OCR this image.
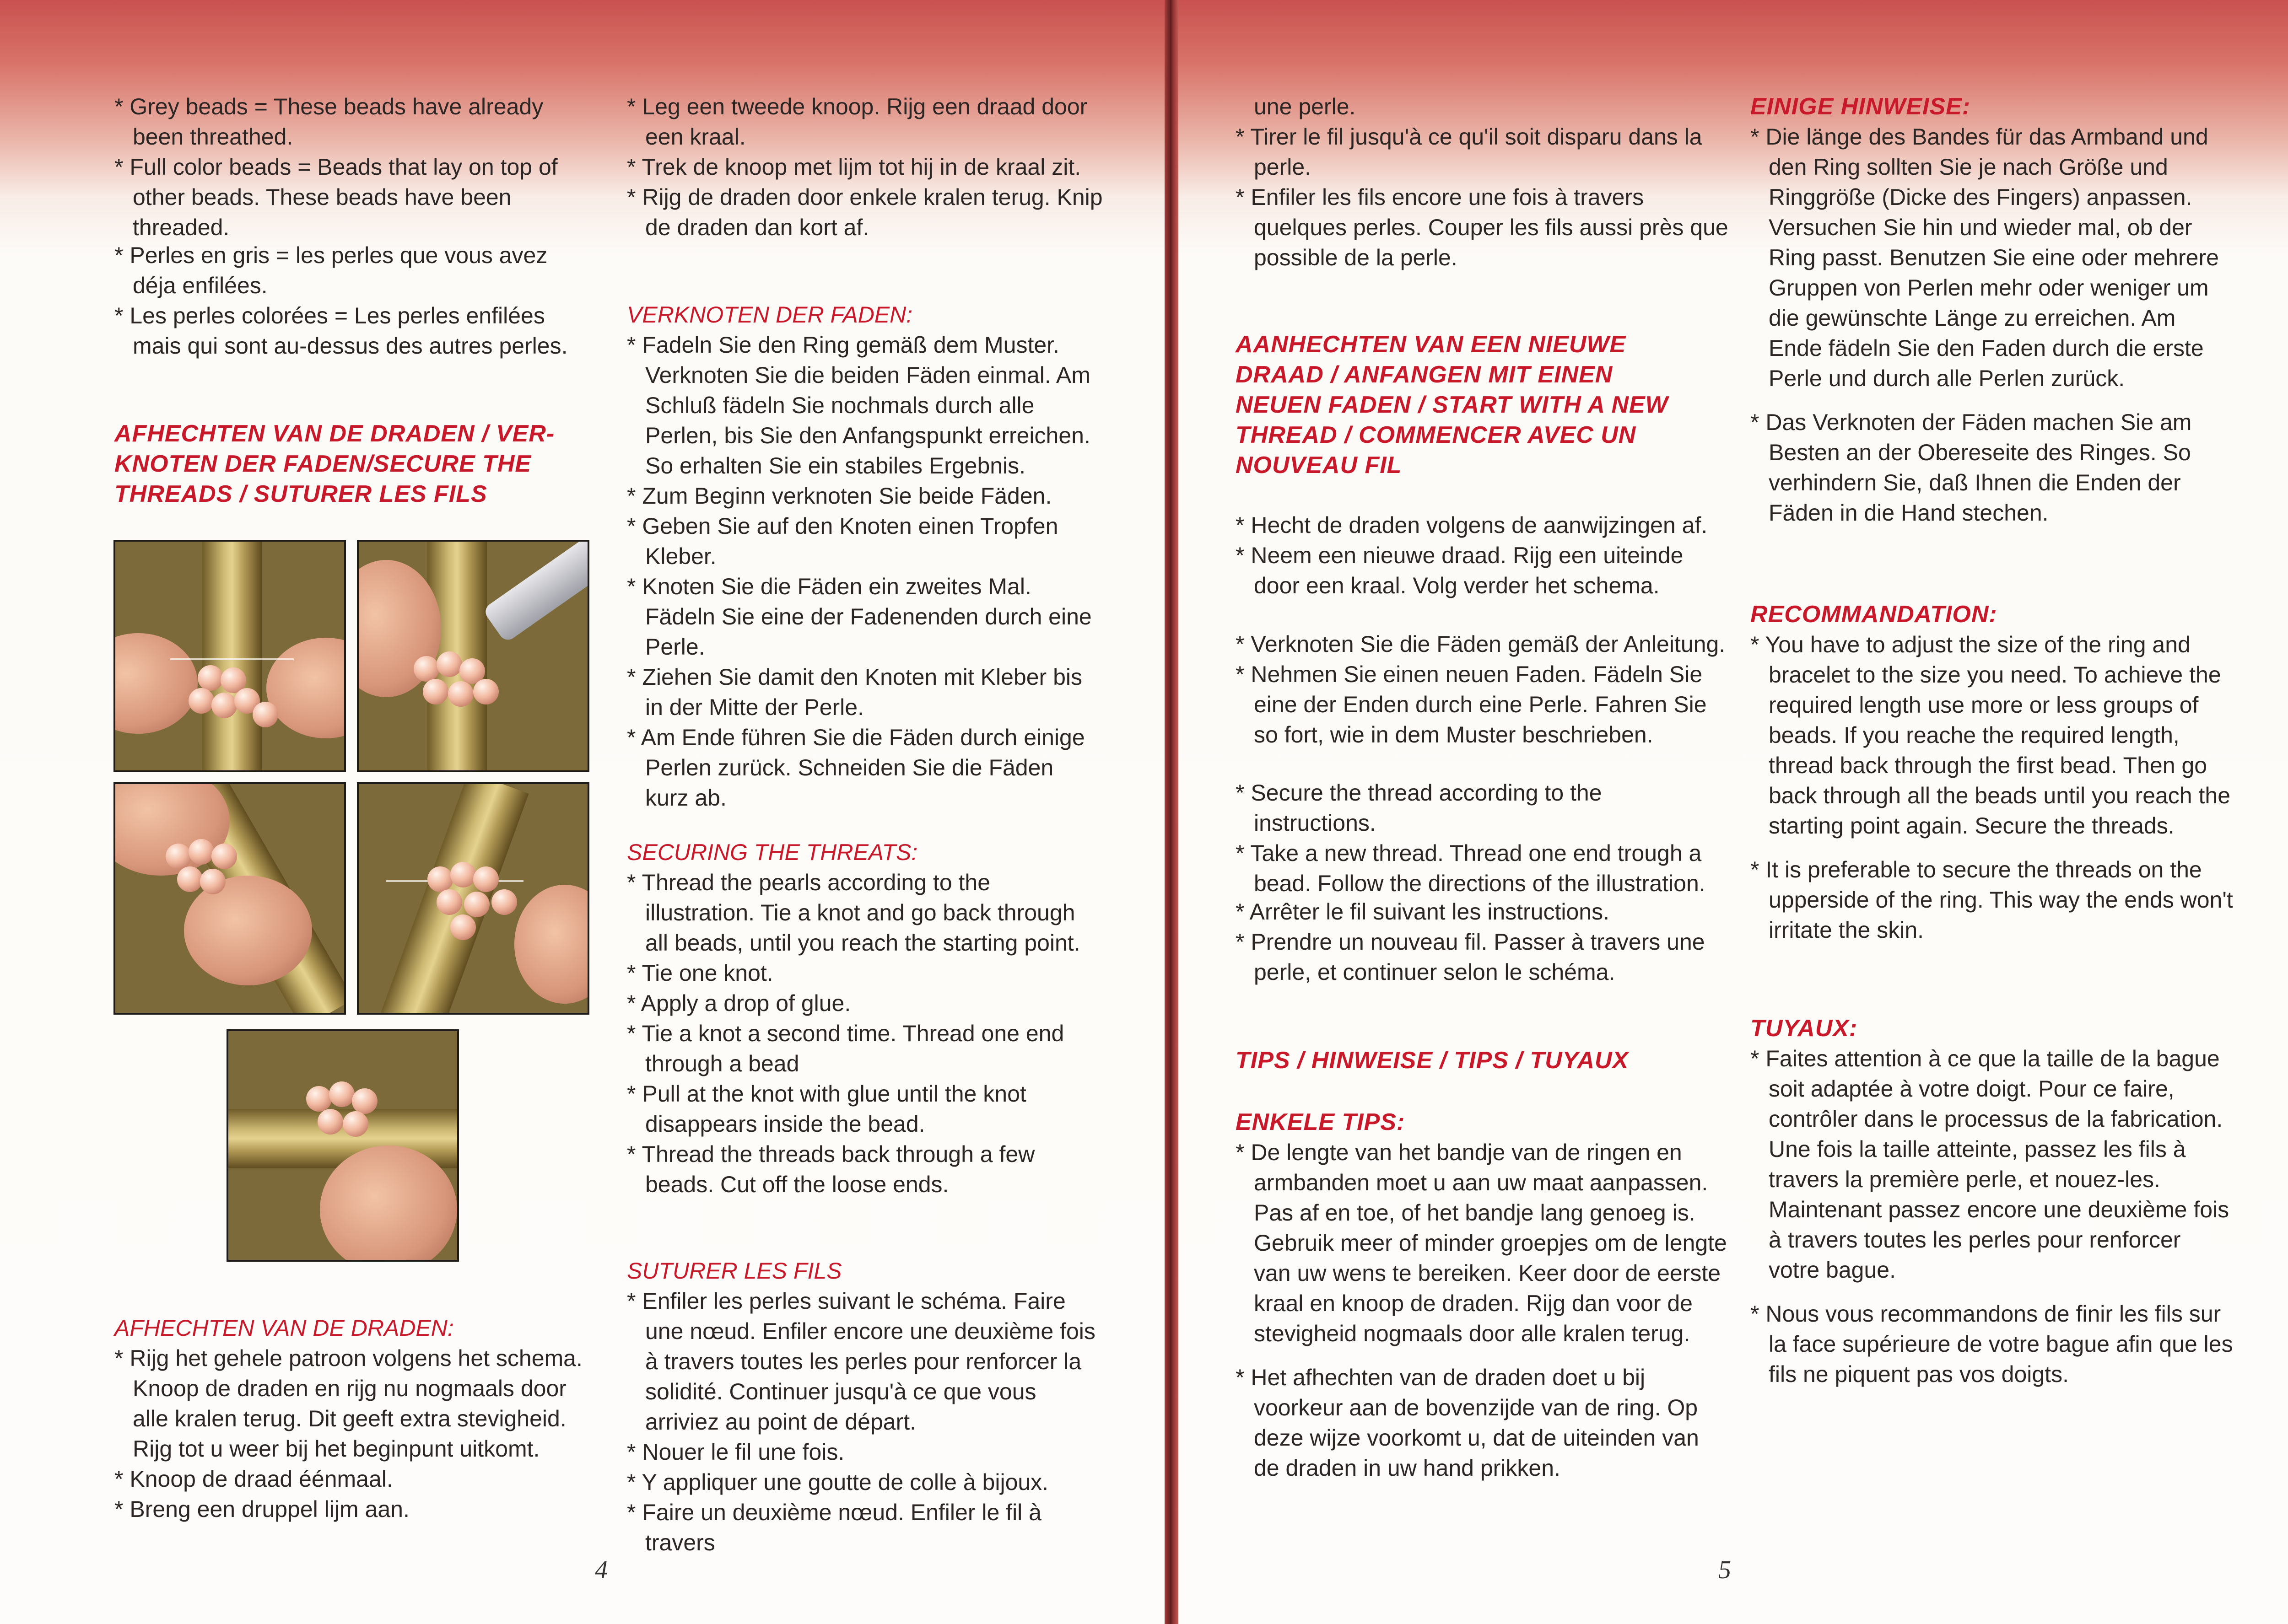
* Grey beads = These beads have already been threathed.

* Full color beads = Beads that lay on top of other beads. These beads have been threaded.

* Perles en gris = les perles que vous avez déja enfilées.

* Les perles colorées = Les perles enfilées mais qui sont au-dessus des autres perles.

AFHECHTEN VAN DE DRADEN / VER-

KNOTEN DER FADEN/SECURE THE

THREADS / SUTURER LES FILS

AFHECHTEN VAN DE DRADEN:

* Rijg het gehele patroon volgens het schema. Knoop de draden en rijg nu nogmaals door alle kralen terug. Dit geeft extra stevigheid. Rijg tot u weer bij het beginpunt uitkomt.

* Knoop de draad éénmaal.

* Breng een druppel lijm aan.

* Leg een tweede knoop. Rijg een draad door een kraal.

* Trek de knoop met lijm tot hij in de kraal zit.

* Rijg de draden door enkele kralen terug. Knip de draden dan kort af.

VERKNOTEN DER FADEN:

* Fadeln Sie den Ring gemäß dem Muster. Verknoten Sie die beiden Fäden einmal. Am Schluß fädeln Sie nochmals durch alle Perlen, bis Sie den Anfangspunkt erreichen. So erhalten Sie ein stabiles Ergebnis.

* Zum Beginn verknoten Sie beide Fäden.

* Geben Sie auf den Knoten einen Tropfen Kleber.

* Knoten Sie die Fäden ein zweites Mal. Fädeln Sie eine der Fadenenden durch eine Perle.

* Ziehen Sie damit den Knoten mit Kleber bis in der Mitte der Perle.

* Am Ende führen Sie die Fäden durch einige Perlen zurück. Schneiden Sie die Fäden kurz ab.

SECURING THE THREATS:

* Thread the pearls according to the illustration. Tie a knot and go back through all beads, until you reach the starting point.

* Tie one knot.

* Apply a drop of glue.

* Tie a knot a second time. Thread one end through a bead

* Pull at the knot with glue until the knot disappears inside the bead.

* Thread the threads back through a few beads. Cut off the loose ends.

SUTURER LES FILS

* Enfiler les perles suivant le schéma. Faire une nœud. Enfiler encore une deuxième fois à travers toutes les perles pour renforcer la solidité. Continuer jusqu'à ce que vous arriviez au point de départ.

* Nouer le fil une fois.

* Y appliquer une goutte de colle à bijoux.

* Faire un deuxième nœud. Enfiler le fil à travers

4

une perle.

* Tirer le fil jusqu'à ce qu'il soit disparu dans la perle.

* Enfiler les fils encore une fois à travers quelques perles. Couper les fils aussi près que possible de la perle.

AANHECHTEN VAN EEN NIEUWE

DRAAD / ANFANGEN MIT EINEN

NEUEN FADEN / START WITH A NEW

THREAD / COMMENCER AVEC UN

NOUVEAU FIL

* Hecht de draden volgens de aanwijzingen af.

* Neem een nieuwe draad. Rijg een uiteinde door een kraal. Volg verder het schema.

* Verknoten Sie die Fäden gemäß der Anleitung.

* Nehmen Sie einen neuen Faden. Fädeln Sie eine der Enden durch eine Perle. Fahren Sie so fort, wie in dem Muster beschrieben.

* Secure the thread according to the instructions.

* Take a new thread. Thread one end trough a bead. Follow the directions of the illustration.

* Arrêter le fil suivant les instructions.

* Prendre un nouveau fil. Passer à travers une perle, et continuer selon le schéma.

TIPS / HINWEISE / TIPS / TUYAUX

ENKELE TIPS:

* De lengte van het bandje van de ringen en armbanden moet u aan uw maat aanpassen. Pas af en toe, of het bandje lang genoeg is. Gebruik meer of minder groepjes om de lengte van uw wens te bereiken. Keer door de eerste kraal en knoop de draden. Rijg dan voor de stevigheid nogmaals door alle kralen terug.

* Het afhechten van de draden doet u bij voorkeur aan de bovenzijde van de ring. Op deze wijze voorkomt u, dat de uiteinden van de draden in uw hand prikken.

EINIGE HINWEISE:

* Die länge des Bandes für das Armband und den Ring sollten Sie je nach Größe und Ringgröße (Dicke des Fingers) anpassen. Versuchen Sie hin und wieder mal, ob der Ring passt. Benutzen Sie eine oder mehrere Gruppen von Perlen mehr oder weniger um die gewünschte Länge zu erreichen. Am Ende fädeln Sie den Faden durch die erste Perle und durch alle Perlen zurück.

* Das Verknoten der Fäden machen Sie am Besten an der Obereseite des Ringes. So verhindern Sie, daß Ihnen die Enden der Fäden in die Hand stechen.

RECOMMANDATION:

* You have to adjust the size of the ring and bracelet to the size you need. To achieve the required length use more or less groups of beads. If you reache the required length, thread back through the first bead. Then go back through all the beads until you reach the starting point again. Secure the threads.

* It is preferable to secure the threads on the upperside of the ring. This way the ends won't irritate the skin.

TUYAUX:

* Faites attention à ce que la taille de la bague soit adaptée à votre doigt. Pour ce faire, contrôler dans le processus de la fabrication. Une fois la taille atteinte, passez les fils à travers la première perle, et nouez-les. Maintenant passez encore une deuxième fois à travers toutes les perles pour renforcer votre bague.

* Nous vous recommandons de finir les fils sur la face supérieure de votre bague afin que les fils ne piquent pas vos doigts.

5
